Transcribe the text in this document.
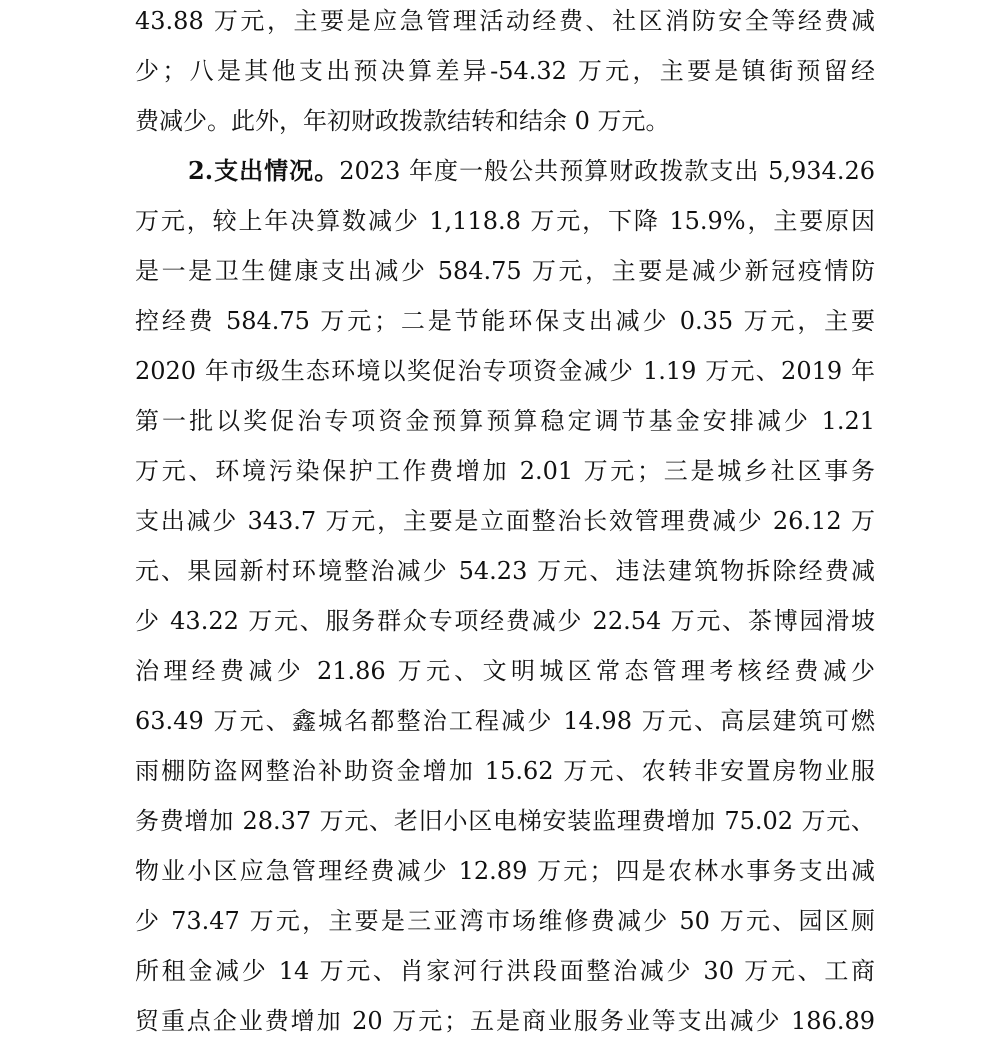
43.88 万元，主要是应急管理活动经费、社区消防安全等经费减
少；八是其他支出预决算差异-54.32 万元，主要是镇街预留经
费减少。此外，年初财政拨款结转和结余 0 万元。
2.支出情况。2023 年度一般公共预算财政拨款支出 5,934.26
万元，较上年决算数减少 1,118.8 万元，下降 15.9%，主要原因
是一是卫生健康支出减少 584.75 万元，主要是减少新冠疫情防
控经费 584.75 万元；二是节能环保支出减少 0.35 万元，主要
2020 年市级生态环境以奖促治专项资金减少 1.19 万元、2019 年
第一批以奖促治专项资金预算预算稳定调节基金安排减少 1.21
万元、环境污染保护工作费增加 2.01 万元；三是城乡社区事务
支出减少 343.7 万元，主要是立面整治长效管理费减少 26.12 万
元、果园新村环境整治减少 54.23 万元、违法建筑物拆除经费减
少 43.22 万元、服务群众专项经费减少 22.54 万元、茶博园滑坡
治理经费减少 21.86 万元、文明城区常态管理考核经费减少
63.49 万元、鑫城名都整治工程减少 14.98 万元、高层建筑可燃
雨棚防盗网整治补助资金增加 15.62 万元、农转非安置房物业服
务费增加 28.37 万元、老旧小区电梯安装监理费增加 75.02 万元、
物业小区应急管理经费减少 12.89 万元；四是农林水事务支出减
少 73.47 万元，主要是三亚湾市场维修费减少 50 万元、园区厕
所租金减少 14 万元、肖家河行洪段面整治减少 30 万元、工商
贸重点企业费增加 20 万元；五是商业服务业等支出减少 186.89
